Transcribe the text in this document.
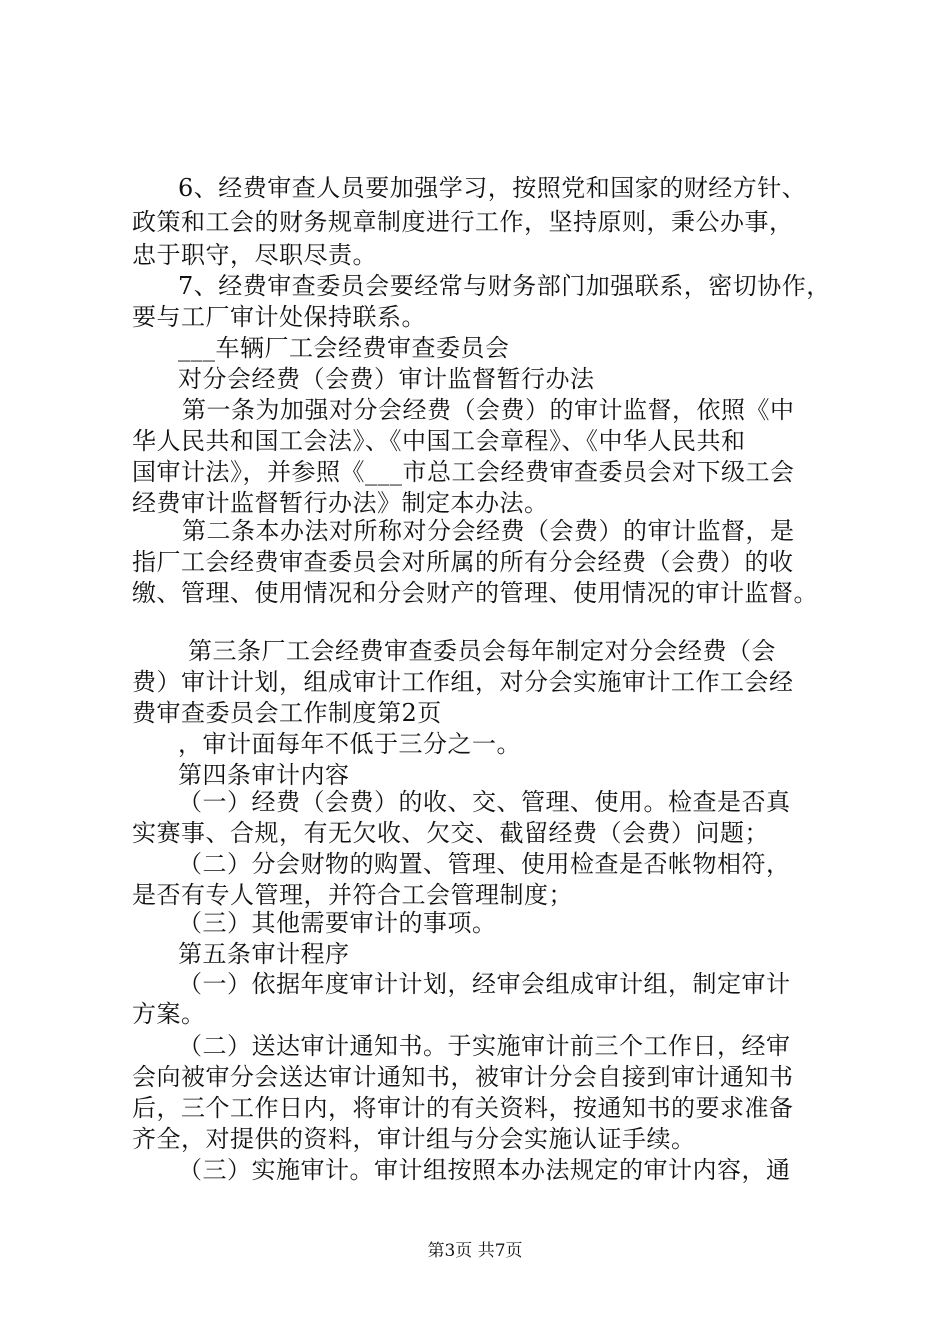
6、经费审查人员要加强学习，按照党和国家的财经方针、
政策和工会的财务规章制度进行工作，坚持原则，秉公办事，
忠于职守，尽职尽责。
7、经费审查委员会要经常与财务部门加强联系，密切协作，
要与工厂审计处保持联系。
___车辆厂工会经费审查委员会
对分会经费（会费）审计监督暂行办法
第一条为加强对分会经费（会费）的审计监督，依照《中
华人民共和国工会法》、《中国工会章程》、《中华人民共和
国审计法》，并参照《___市总工会经费审查委员会对下级工会
经费审计监督暂行办法》制定本办法。
第二条本办法对所称对分会经费（会费）的审计监督，是
指厂工会经费审查委员会对所属的所有分会经费（会费）的收
缴、管理、使用情况和分会财产的管理、使用情况的审计监督。
第三条厂工会经费审查委员会每年制定对分会经费（会
费）审计计划，组成审计工作组，对分会实施审计工作工会经
费审查委员会工作制度第2页
，审计面每年不低于三分之一。
第四条审计内容
（一）经费（会费）的收、交、管理、使用。检查是否真
实赛事、合规，有无欠收、欠交、截留经费（会费）问题；
（二）分会财物的购置、管理、使用检查是否帐物相符，
是否有专人管理，并符合工会管理制度；
（三）其他需要审计的事项。
第五条审计程序
（一）依据年度审计计划，经审会组成审计组，制定审计
方案。
（二）送达审计通知书。于实施审计前三个工作日，经审
会向被审分会送达审计通知书，被审计分会自接到审计通知书
后，三个工作日内，将审计的有关资料，按通知书的要求准备
齐全，对提供的资料，审计组与分会实施认证手续。
（三）实施审计。审计组按照本办法规定的审计内容，通
第3页 共7页
